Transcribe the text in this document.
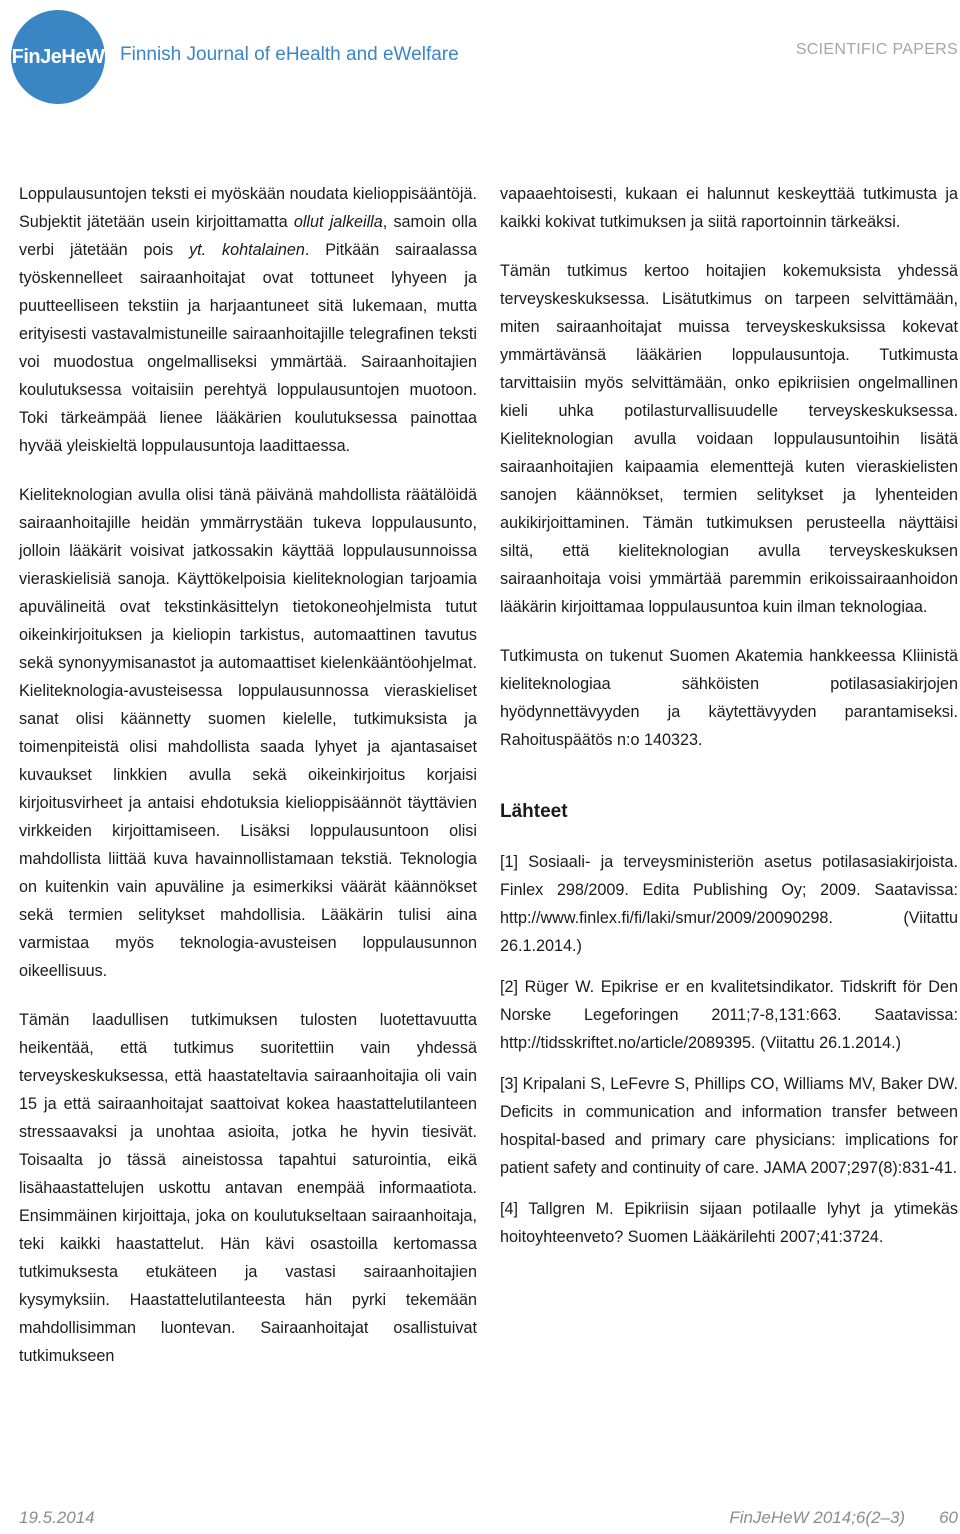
FinJeHeW Finnish Journal of eHealth and eWelfare	SCIENTIFIC PAPERS

Loppulausuntojen teksti ei myöskään noudata kielioppisääntöjä. Subjektit jätetään usein kirjoittamatta ollut jalkeilla, samoin olla verbi jätetään pois yt. kohtalainen. Pitkään sairaalassa työskennelleet sairaanhoitajat ovat tottuneet lyhyeen ja puutteelliseen tekstiin ja harjaantuneet sitä lukemaan, mutta erityisesti vastavalmistuneille sairaanhoitajille telegrafinen teksti voi muodostua ongelmalliseksi ymmärtää. Sairaanhoitajien koulutuksessa voitaisiin perehtyä loppulausuntojen muotoon. Toki tärkeämpää lienee lääkärien koulutuksessa painottaa hyvää yleiskieltä loppulausuntoja laadittaessa.

Kieliteknologian avulla olisi tänä päivänä mahdollista räätälöidä sairaanhoitajille heidän ymmärrystään tukeva loppulausunto, jolloin lääkärit voisivat jatkossakin käyttää loppulausunnoissa vieraskielisiä sanoja. Käyttökelpoisia kieliteknologian tarjoamia apuvälineitä ovat tekstinkäsittelyn tietokoneohjelmista tutut oikeinkirjoituksen ja kieliopin tarkistus, automaattinen tavutus sekä synonyymisanastot ja automaattiset kielenkääntöohjelmat. Kieliteknologia-avusteisessa loppulausunnossa vieraskieliset sanat olisi käännetty suomen kielelle, tutkimuksista ja toimenpiteistä olisi mahdollista saada lyhyet ja ajantasaiset kuvaukset linkkien avulla sekä oikeinkirjoitus korjaisi kirjoitusvirheet ja antaisi ehdotuksia kielioppisäännöt täyttävien virkkeiden kirjoittamiseen. Lisäksi loppulausuntoon olisi mahdollista liittää kuva havainnollistamaan tekstiä. Teknologia on kuitenkin vain apuväline ja esimerkiksi väärät käännökset sekä termien selitykset mahdollisia. Lääkärin tulisi aina varmistaa myös teknologia-avusteisen loppulausunnon oikeellisuus.

Tämän laadullisen tutkimuksen tulosten luotettavuutta heikentää, että tutkimus suoritettiin vain yhdessä terveyskeskuksessa, että haastateltavia sairaanhoitajia oli vain 15 ja että sairaanhoitajat saattoivat kokea haastattelutilanteen stressaavaksi ja unohtaa asioita, jotka he hyvin tiesivät. Toisaalta jo tässä aineistossa tapahtui saturointia, eikä lisähaastattelujen uskottu antavan enempää informaatiota. Ensimmäinen kirjoittaja, joka on koulutukseltaan sairaanhoitaja, teki kaikki haastattelut. Hän kävi osastoilla kertomassa tutkimuksesta etukäteen ja vastasi sairaanhoitajien kysymyksiin. Haastattelutilanteesta hän pyrki tekemään mahdollisimman luontevan. Sairaanhoitajat osallistuivat tutkimukseen

vapaaehtoisesti, kukaan ei halunnut keskeyttää tutkimusta ja kaikki kokivat tutkimuksen ja siitä raportoinnin tärkeäksi.

Tämän tutkimus kertoo hoitajien kokemuksista yhdessä terveyskeskuksessa. Lisätutkimus on tarpeen selvittämään, miten sairaanhoitajat muissa terveyskeskuksissa kokevat ymmärtävänsä lääkärien loppulausuntoja. Tutkimusta tarvittaisiin myös selvittämään, onko epikriisien ongelmallinen kieli uhka potilasturvallisuudelle terveyskeskuksessa. Kieliteknologian avulla voidaan loppulausuntoihin lisätä sairaanhoitajien kaipaamia elementtejä kuten vieraskielisten sanojen käännökset, termien selitykset ja lyhenteiden aukikirjoittaminen. Tämän tutkimuksen perusteella näyttäisi siltä, että kieliteknologian avulla terveyskeskuksen sairaanhoitaja voisi ymmärtää paremmin erikoissairaanhoidon lääkärin kirjoittamaa loppulausuntoa kuin ilman teknologiaa.

Tutkimusta on tukenut Suomen Akatemia hankkeessa Kliinistä kieliteknologiaa sähköisten potilasasiakirjojen hyödynnettävyyden ja käytettävyyden parantamiseksi. Rahoituspäätös n:o 140323.

Lähteet

[1] Sosiaali- ja terveysministeriön asetus potilasasiakirjoista. Finlex 298/2009. Edita Publishing Oy; 2009. Saatavissa: http://www.finlex.fi/fi/laki/smur/2009/20090298. (Viitattu 26.1.2014.)

[2] Rüger W. Epikrise er en kvalitetsindikator. Tidskrift för Den Norske Legeforingen 2011;7-8,131:663. Saatavissa: http://tidsskriftet.no/article/2089395. (Viitattu 26.1.2014.)

[3] Kripalani S, LeFevre S, Phillips CO, Williams MV, Baker DW. Deficits in communication and information transfer between hospital-based and primary care physicians: implications for patient safety and continuity of care. JAMA 2007;297(8):831-41.

[4] Tallgren M. Epikriisin sijaan potilaalle lyhyt ja ytimekäs hoitoyhteenveto? Suomen Lääkärilehti 2007;41:3724.

19.5.2014	FinJeHeW 2014;6(2–3) 60
